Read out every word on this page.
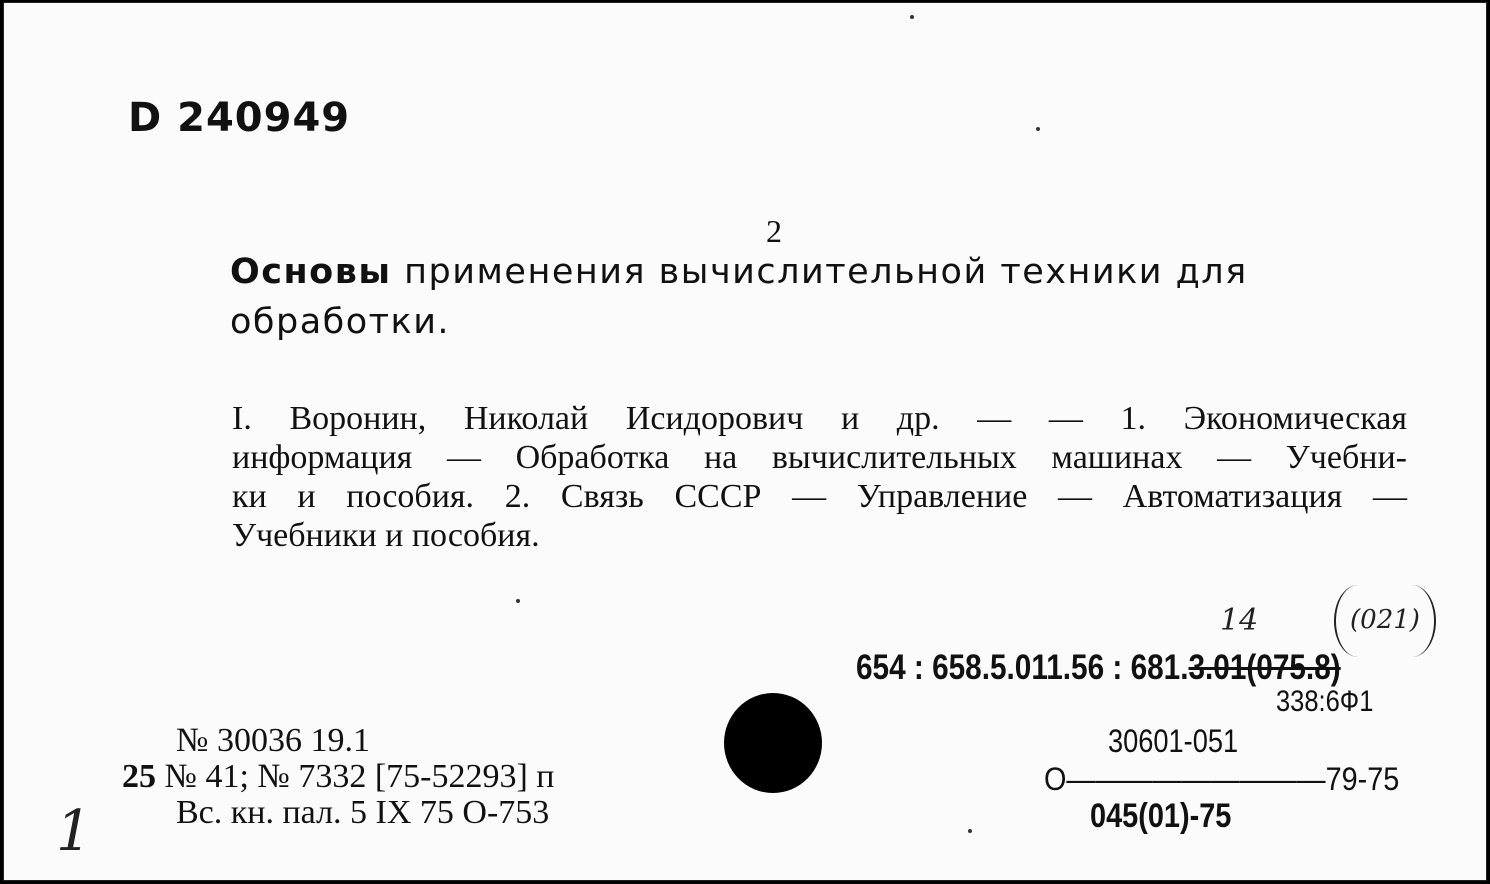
D 240949
2
Основы применения вычислительной техники для обработки.
I. Воронин, Николай Исидорович и др. — — 1. Экономическая
информация — Обработка на вычислительных машинах — Учебни-
ки и пособия. 2. Связь СССР — Управление — Автоматизация —
Учебники и пособия.
14	(021)
654 : 658.5.011.56 : 681.3.01(075.8)
338:6Ф1
30601-051
О—————————79-75
045(01)-75
№ 30036 19.1
25 № 41; № 7332 [75-52293] п
Вс. кн. пал. 5 IX 75 О-753
1
